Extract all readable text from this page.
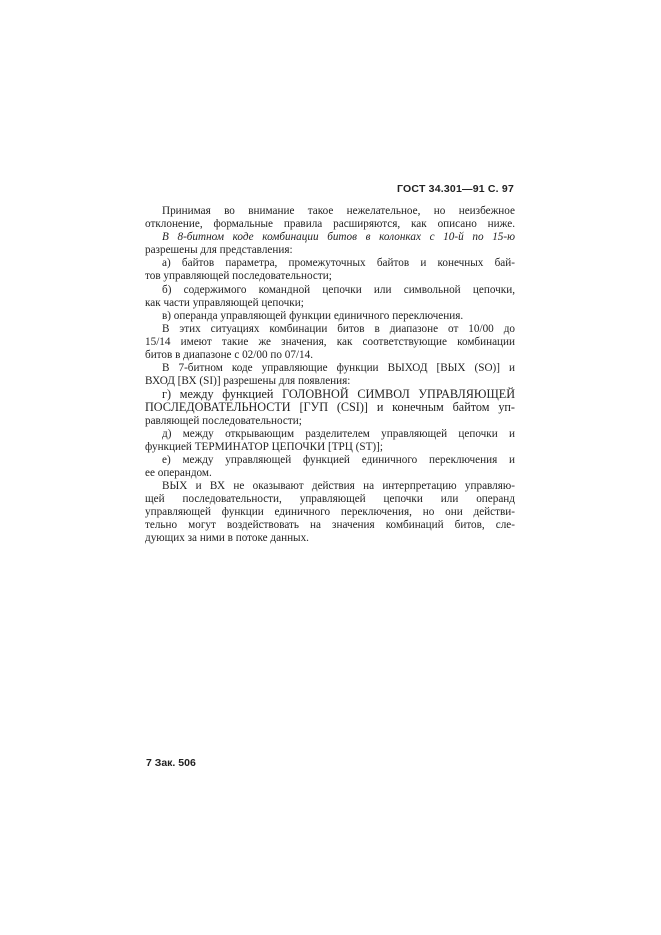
ГОСТ 34.301—91 С. 97
Принимая во внимание такое нежелательное, но неизбежное
отклонение, формальные правила расширяются, как описано ниже.
В 8-битном коде комбинации битов в колонках с 10-й по 15-ю
разрешены для представления:
а) байтов параметра, промежуточных байтов и конечных бай-
тов управляющей последовательности;
б) содержимого командной цепочки или символьной цепочки,
как части управляющей цепочки;
в) операнда управляющей функции единичного переключения.
В этих ситуациях комбинации битов в диапазоне от 10/00 до
15/14 имеют такие же значения, как соответствующие комбинации
битов в диапазоне с 02/00 по 07/14.
В 7-битном коде управляющие функции ВЫХОД [ВЫХ (SO)] и
ВХОД [ВХ (SI)] разрешены для появления:
г) между функцией ГОЛОВНОЙ СИМВОЛ УПРАВЛЯЮЩЕЙ
ПОСЛЕДОВАТЕЛЬНОСТИ [ГУП (CSI)] и конечным байтом уп-
равляющей последовательности;
д) между открывающим разделителем управляющей цепочки и
функцией ТЕРМИНАТОР ЦЕПОЧКИ [ТРЦ (ST)];
е) между управляющей функцией единичного переключения и
ее операндом.
ВЫХ и ВХ не оказывают действия на интерпретацию управляю-
щей последовательности, управляющей цепочки или операнд
управляющей функции единичного переключения, но они действи-
тельно могут воздействовать на значения комбинаций битов, сле-
дующих за ними в потоке данных.
7 Зак. 506
